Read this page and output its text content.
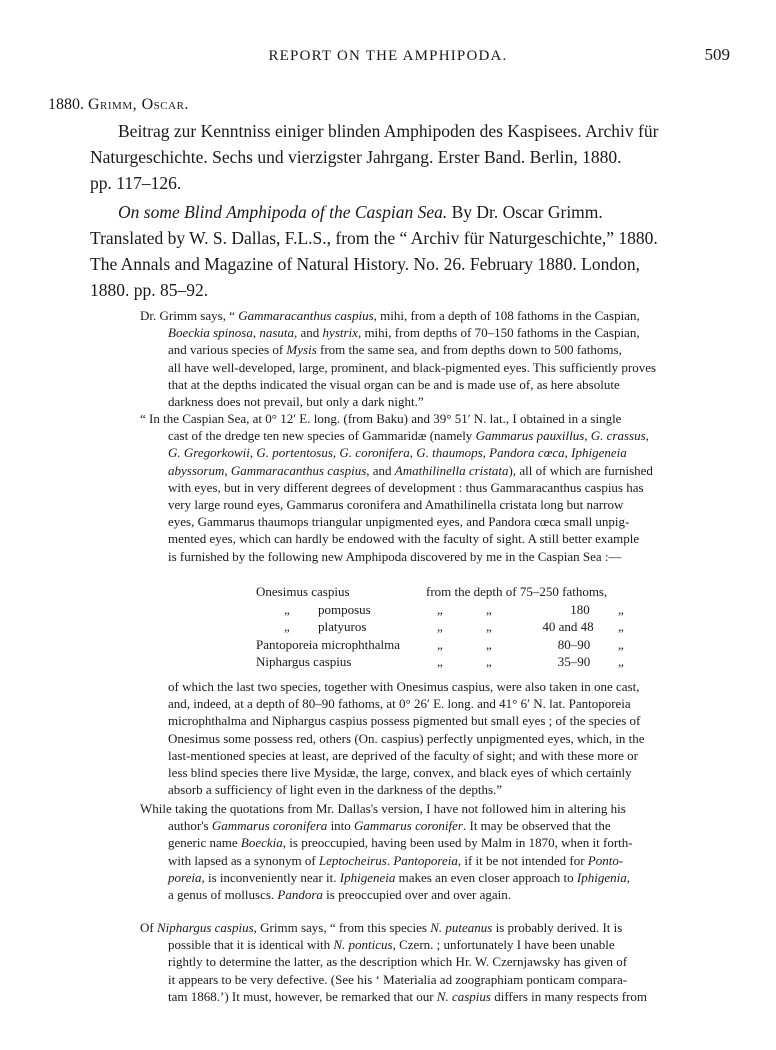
REPORT ON THE AMPHIPODA.	509
1880. Grimm, Oscar.
Beitrag zur Kenntniss einiger blinden Amphipoden des Kaspisees. Archiv für
Naturgeschichte. Sechs und vierzigster Jahrgang. Erster Band. Berlin, 1880.
pp. 117–126.
On some Blind Amphipoda of the Caspian Sea. By Dr. Oscar Grimm.
Translated by W. S. Dallas, F.L.S., from the “ Archiv für Naturgeschichte,” 1880.
The Annals and Magazine of Natural History. No. 26. February 1880. London,
1880. pp. 85–92.
Dr. Grimm says, “ Gammaracanthus caspius, mihi, from a depth of 108 fathoms in the Caspian,
Boeckia spinosa, nasuta, and hystrix, mihi, from depths of 70–150 fathoms in the Caspian,
and various species of Mysis from the same sea, and from depths down to 500 fathoms,
all have well-developed, large, prominent, and black-pigmented eyes. This sufficiently proves
that at the depths indicated the visual organ can be and is made use of, as here absolute
darkness does not prevail, but only a dark night.”
“ In the Caspian Sea, at 0° 12′ E. long. (from Baku) and 39° 51′ N. lat., I obtained in a single
cast of the dredge ten new species of Gammaridæ (namely Gammarus pauxillus, G. crassus,
G. Gregorkowii, G. portentosus, G. coronifera, G. thaumops, Pandora cœca, Iphigeneia
abyssorum, Gammaracanthus caspius, and Amathilinella cristata), all of which are furnished
with eyes, but in very different degrees of development : thus Gammaracanthus caspius has
very large round eyes, Gammarus coronifera and Amathilinella cristata long but narrow
eyes, Gammarus thaumops triangular unpigmented eyes, and Pandora cœca small unpig-
mented eyes, which can hardly be endowed with the faculty of sight. A still better example
is furnished by the following new Amphipoda discovered by me in the Caspian Sea :—
Onesimus caspius	from the depth of 75–250 fathoms,
„ pomposus	„	„	180	„
„ platyuros	„	„	40 and 48	„
Pantoporeia microphthalma	„	„	80–90	„
Niphargus caspius	„	„	35–90	„
of which the last two species, together with Onesimus caspius, were also taken in one cast,
and, indeed, at a depth of 80–90 fathoms, at 0° 26′ E. long. and 41° 6′ N. lat. Pantoporeia
microphthalma and Niphargus caspius possess pigmented but small eyes ; of the species of
Onesimus some possess red, others (On. caspius) perfectly unpigmented eyes, which, in the
last-mentioned species at least, are deprived of the faculty of sight; and with these more or
less blind species there live Mysidæ, the large, convex, and black eyes of which certainly
absorb a sufficiency of light even in the darkness of the depths.”
While taking the quotations from Mr. Dallas's version, I have not followed him in altering his
author's Gammarus coronifera into Gammarus coronifer. It may be observed that the
generic name Boeckia, is preoccupied, having been used by Malm in 1870, when it forth-
with lapsed as a synonym of Leptocheirus. Pantoporeia, if it be not intended for Ponto-
poreia, is inconveniently near it. Iphigeneia makes an even closer approach to Iphigenia,
a genus of molluscs. Pandora is preoccupied over and over again.
Of Niphargus caspius, Grimm says, “ from this species N. puteanus is probably derived. It is
possible that it is identical with N. ponticus, Czern. ; unfortunately I have been unable
rightly to determine the latter, as the description which Hr. W. Czernjawsky has given of
it appears to be very defective. (See his ‘ Materialia ad zoographiam ponticam compara-
tam 1868.’) It must, however, be remarked that our N. caspius differs in many respects from
